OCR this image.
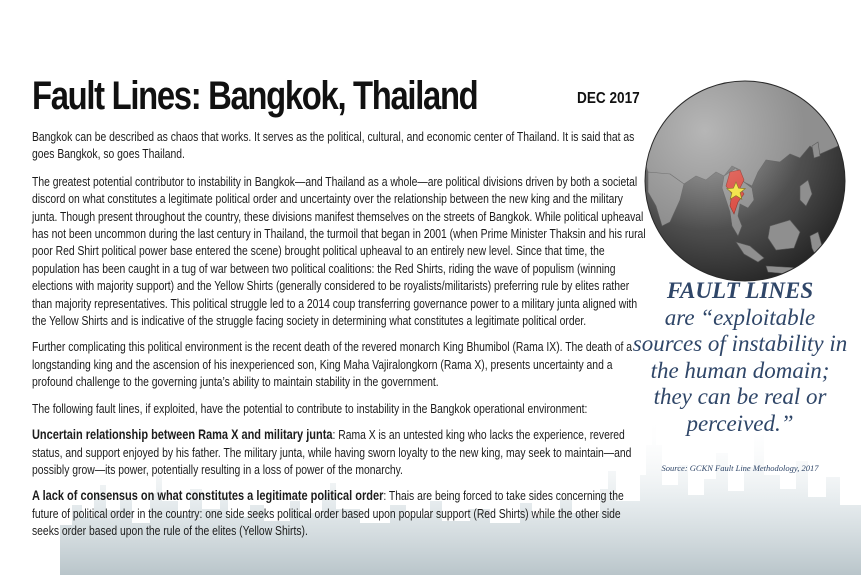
Fault Lines: Bangkok, Thailand	DEC 2017

Bangkok can be described as chaos that works. It serves as the political, cultural, and economic center of Thailand. It is said that as goes Bangkok, so goes Thailand.

The greatest potential contributor to instability in Bangkok—and Thailand as a whole—are political divisions driven by both a societal discord on what constitutes a legitimate political order and uncertainty over the relationship between the new king and the military junta. Though present throughout the country, these divisions manifest themselves on the streets of Bangkok. While political upheaval has not been uncommon during the last century in Thailand, the turmoil that began in 2001 (when Prime Minister Thaksin and his rural poor Red Shirt political power base entered the scene) brought political upheaval to an entirely new level. Since that time, the population has been caught in a tug of war between two political coalitions: the Red Shirts, riding the wave of populism (winning elections with majority support) and the Yellow Shirts (generally considered to be royalists/militarists) preferring rule by elites rather than majority representatives. This political struggle led to a 2014 coup transferring governance power to a military junta aligned with the Yellow Shirts and is indicative of the struggle facing society in determining what constitutes a legitimate political order.

Further complicating this political environment is the recent death of the revered monarch King Bhumibol (Rama IX). The death of a longstanding king and the ascension of his inexperienced son, King Maha Vajiralongkorn (Rama X), presents uncertainty and a profound challenge to the governing junta’s ability to maintain stability in the government.

The following fault lines, if exploited, have the potential to contribute to instability in the Bangkok operational environment:

Uncertain relationship between Rama X and military junta: Rama X is an untested king who lacks the experience, revered status, and support enjoyed by his father. The military junta, while having sworn loyalty to the new king, may seek to maintain—and possibly grow—its power, potentially resulting in a loss of power of the monarchy.

A lack of consensus on what constitutes a legitimate political order: Thais are being forced to take sides concerning the future of political order in the country: one side seeks political order based upon popular support (Red Shirts) while the other side seeks order based upon the rule of the elites (Yellow Shirts).

FAULT LINES
are “exploitable sources of instability in the human domain; they can be real or perceived.”
Source: GCKN Fault Line Methodology, 2017
